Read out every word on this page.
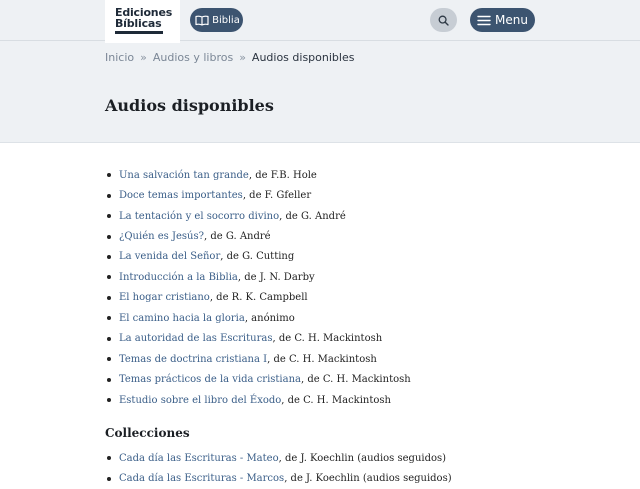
Ediciones
Bíblicas	Biblia	Menu
Inicio » Audios y libros » Audios disponibles
Audios disponibles
Una salvación tan grande , de F.B. Hole
Doce temas importantes , de F. Gfeller
La tentación y el socorro divino , de G. André
¿Quién es Jesús? , de G. André
La venida del Señor , de G. Cutting
Introducción a la Biblia , de J. N. Darby
El hogar cristiano , de R. K. Campbell
El camino hacia la gloria , anónimo
La autoridad de las Escrituras , de C. H. Mackintosh
Temas de doctrina cristiana I , de C. H. Mackintosh
Temas prácticos de la vida cristiana , de C. H. Mackintosh
Estudio sobre el libro del Éxodo , de C. H. Mackintosh
Collecciones
Cada día las Escrituras - Mateo , de J. Koechlin (audios seguidos)
Cada día las Escrituras - Marcos , de J. Koechlin (audios seguidos)
